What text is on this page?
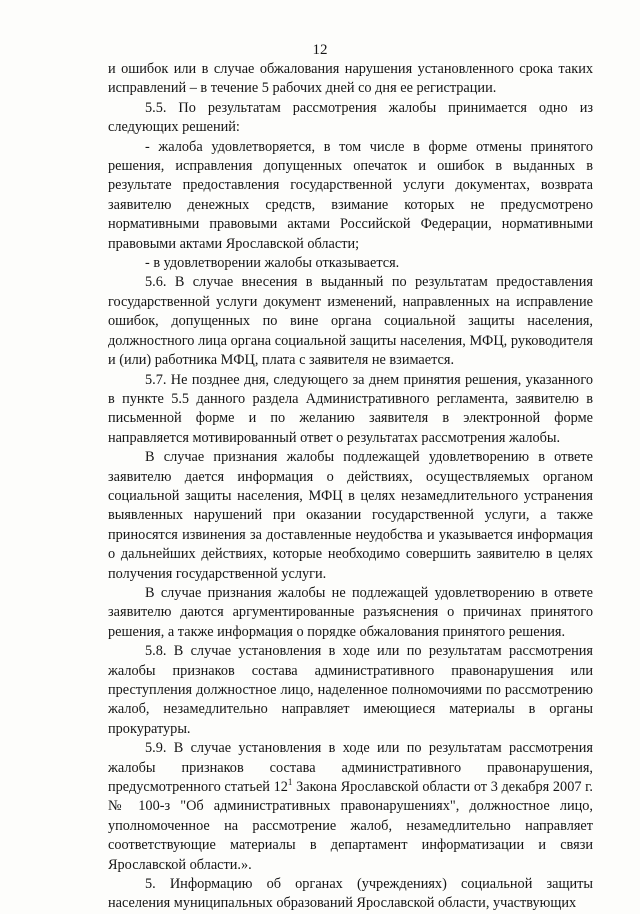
12

и ошибок или в случае обжалования нарушения установленного срока таких исправлений – в течение 5 рабочих дней со дня ее регистрации.

5.5. По результатам рассмотрения жалобы принимается одно из следующих решений:

- жалоба удовлетворяется, в том числе в форме отмены принятого решения, исправления допущенных опечаток и ошибок в выданных в результате предоставления государственной услуги документах, возврата заявителю денежных средств, взимание которых не предусмотрено нормативными правовыми актами Российской Федерации, нормативными правовыми актами Ярославской области;

- в удовлетворении жалобы отказывается.

5.6. В случае внесения в выданный по результатам предоставления государственной услуги документ изменений, направленных на исправление ошибок, допущенных по вине органа социальной защиты населения, должностного лица органа социальной защиты населения, МФЦ, руководителя и (или) работника МФЦ, плата с заявителя не взимается.

5.7. Не позднее дня, следующего за днем принятия решения, указанного в пункте 5.5 данного раздела Административного регламента, заявителю в письменной форме и по желанию заявителя в электронной форме направляется мотивированный ответ о результатах рассмотрения жалобы.

В случае признания жалобы подлежащей удовлетворению в ответе заявителю дается информация о действиях, осуществляемых органом социальной защиты населения, МФЦ в целях незамедлительного устранения выявленных нарушений при оказании государственной услуги, а также приносятся извинения за доставленные неудобства и указывается информация о дальнейших действиях, которые необходимо совершить заявителю в целях получения государственной услуги.

В случае признания жалобы не подлежащей удовлетворению в ответе заявителю даются аргументированные разъяснения о причинах принятого решения, а также информация о порядке обжалования принятого решения.

5.8. В случае установления в ходе или по результатам рассмотрения жалобы признаков состава административного правонарушения или преступления должностное лицо, наделенное полномочиями по рассмотрению жалоб, незамедлительно направляет имеющиеся материалы в органы прокуратуры.

5.9. В случае установления в ходе или по результатам рассмотрения жалобы признаков состава административного правонарушения, предусмотренного статьей $12^1$ Закона Ярославской области от 3 декабря 2007 г. № 100-з "Об административных правонарушениях", должностное лицо, уполномоченное на рассмотрение жалоб, незамедлительно направляет соответствующие материалы в департамент информатизации и связи Ярославской области.».

5. Информацию об органах (учреждениях) социальной защиты населения муниципальных образований Ярославской области, участвующих
